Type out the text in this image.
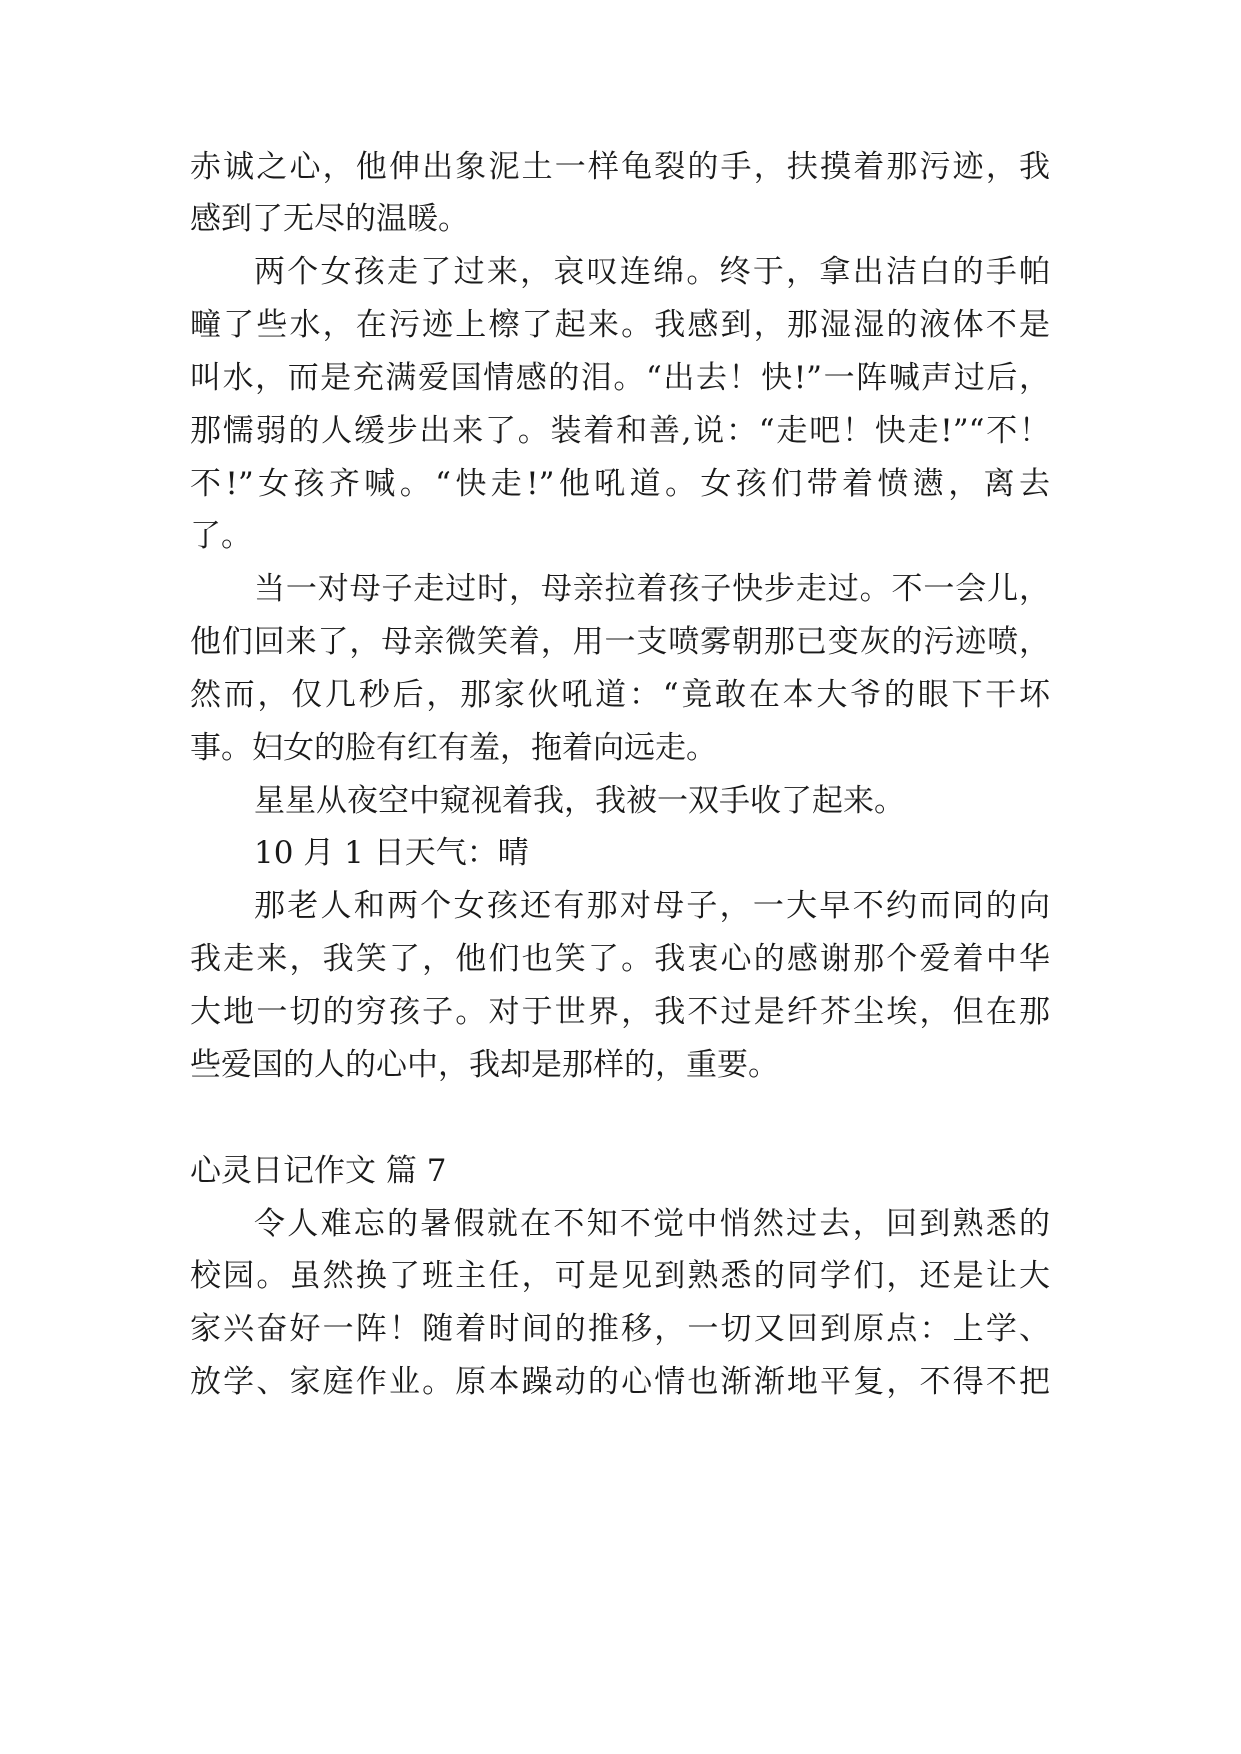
赤诚之心，他伸出象泥土一样龟裂的手，扶摸着那污迹，我
感到了无尽的温暖。
两个女孩走了过来，哀叹连绵。终于，拿出洁白的手帕
疃了些水，在污迹上檫了起来。我感到，那湿湿的液体不是
叫水，而是充满爱国情感的泪。“出去！快!”一阵喊声过后，
那懦弱的人缓步出来了。装着和善,说：“走吧！快走!”“不！
不!”女孩齐喊。“快走!”他吼道。女孩们带着愤懑，离去
了。
当一对母子走过时，母亲拉着孩子快步走过。不一会儿，
他们回来了，母亲微笑着，用一支喷雾朝那已变灰的污迹喷，
然而，仅几秒后，那家伙吼道：“竟敢在本大爷的眼下干坏
事。妇女的脸有红有羞，拖着向远走。
星星从夜空中窥视着我，我被一双手收了起来。
10 月 1 日天气：晴
那老人和两个女孩还有那对母子，一大早不约而同的向
我走来，我笑了，他们也笑了。我衷心的感谢那个爱着中华
大地一切的穷孩子。对于世界，我不过是纤芥尘埃，但在那
些爱国的人的心中，我却是那样的，重要。
心灵日记作文 篇 7
令人难忘的暑假就在不知不觉中悄然过去，回到熟悉的
校园。虽然换了班主任，可是见到熟悉的同学们，还是让大
家兴奋好一阵！随着时间的推移，一切又回到原点：上学、
放学、家庭作业。原本躁动的心情也渐渐地平复，不得不把
